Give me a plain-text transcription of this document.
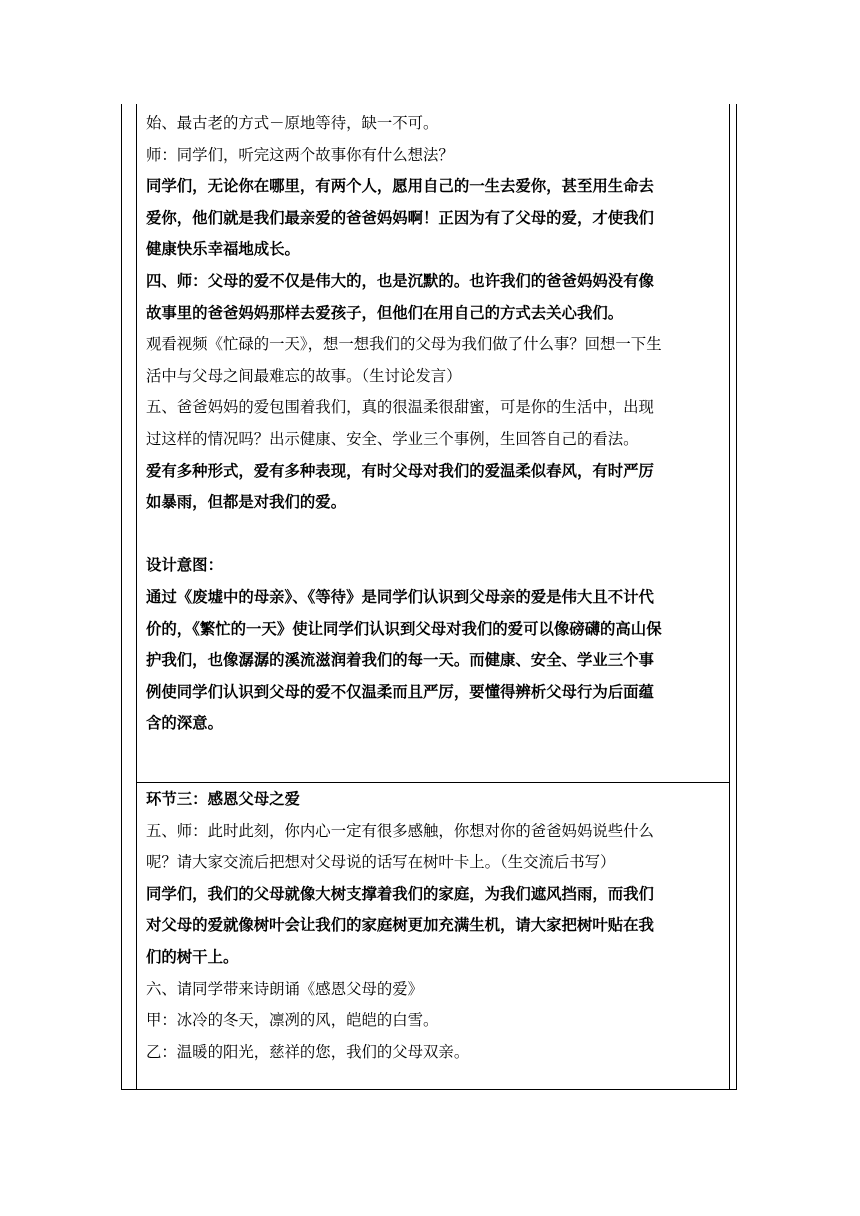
始、最古老的方式－原地等待，缺一不可。

师：同学们，听完这两个故事你有什么想法？

同学们，无论你在哪里，有两个人，愿用自己的一生去爱你，甚至用生命去

爱你，他们就是我们最亲爱的爸爸妈妈啊！正因为有了父母的爱，才使我们

健康快乐幸福地成长。

四、师：父母的爱不仅是伟大的，也是沉默的。也许我们的爸爸妈妈没有像

故事里的爸爸妈妈那样去爱孩子，但他们在用自己的方式去关心我们。

观看视频《忙碌的一天》，想一想我们的父母为我们做了什么事？回想一下生

活中与父母之间最难忘的故事。（生讨论发言）

五、爸爸妈妈的爱包围着我们，真的很温柔很甜蜜，可是你的生活中，出现

过这样的情况吗？出示健康、安全、学业三个事例，生回答自己的看法。

爱有多种形式，爱有多种表现，有时父母对我们的爱温柔似春风，有时严厉

如暴雨，但都是对我们的爱。

设计意图：

通过《废墟中的母亲》、《等待》是同学们认识到父母亲的爱是伟大且不计代

价的，《繁忙的一天》使让同学们认识到父母对我们的爱可以像磅礴的高山保

护我们，也像潺潺的溪流滋润着我们的每一天。而健康、安全、学业三个事

例使同学们认识到父母的爱不仅温柔而且严厉，要懂得辨析父母行为后面蕴

含的深意。

环节三：感恩父母之爱

五、师：此时此刻，你内心一定有很多感触，你想对你的爸爸妈妈说些什么

呢？请大家交流后把想对父母说的话写在树叶卡上。（生交流后书写）

同学们，我们的父母就像大树支撑着我们的家庭，为我们遮风挡雨，而我们

对父母的爱就像树叶会让我们的家庭树更加充满生机，请大家把树叶贴在我

们的树干上。

六、请同学带来诗朗诵《感恩父母的爱》

甲：冰冷的冬天，凛冽的风，皑皑的白雪。

乙：温暖的阳光，慈祥的您，我们的父母双亲。
